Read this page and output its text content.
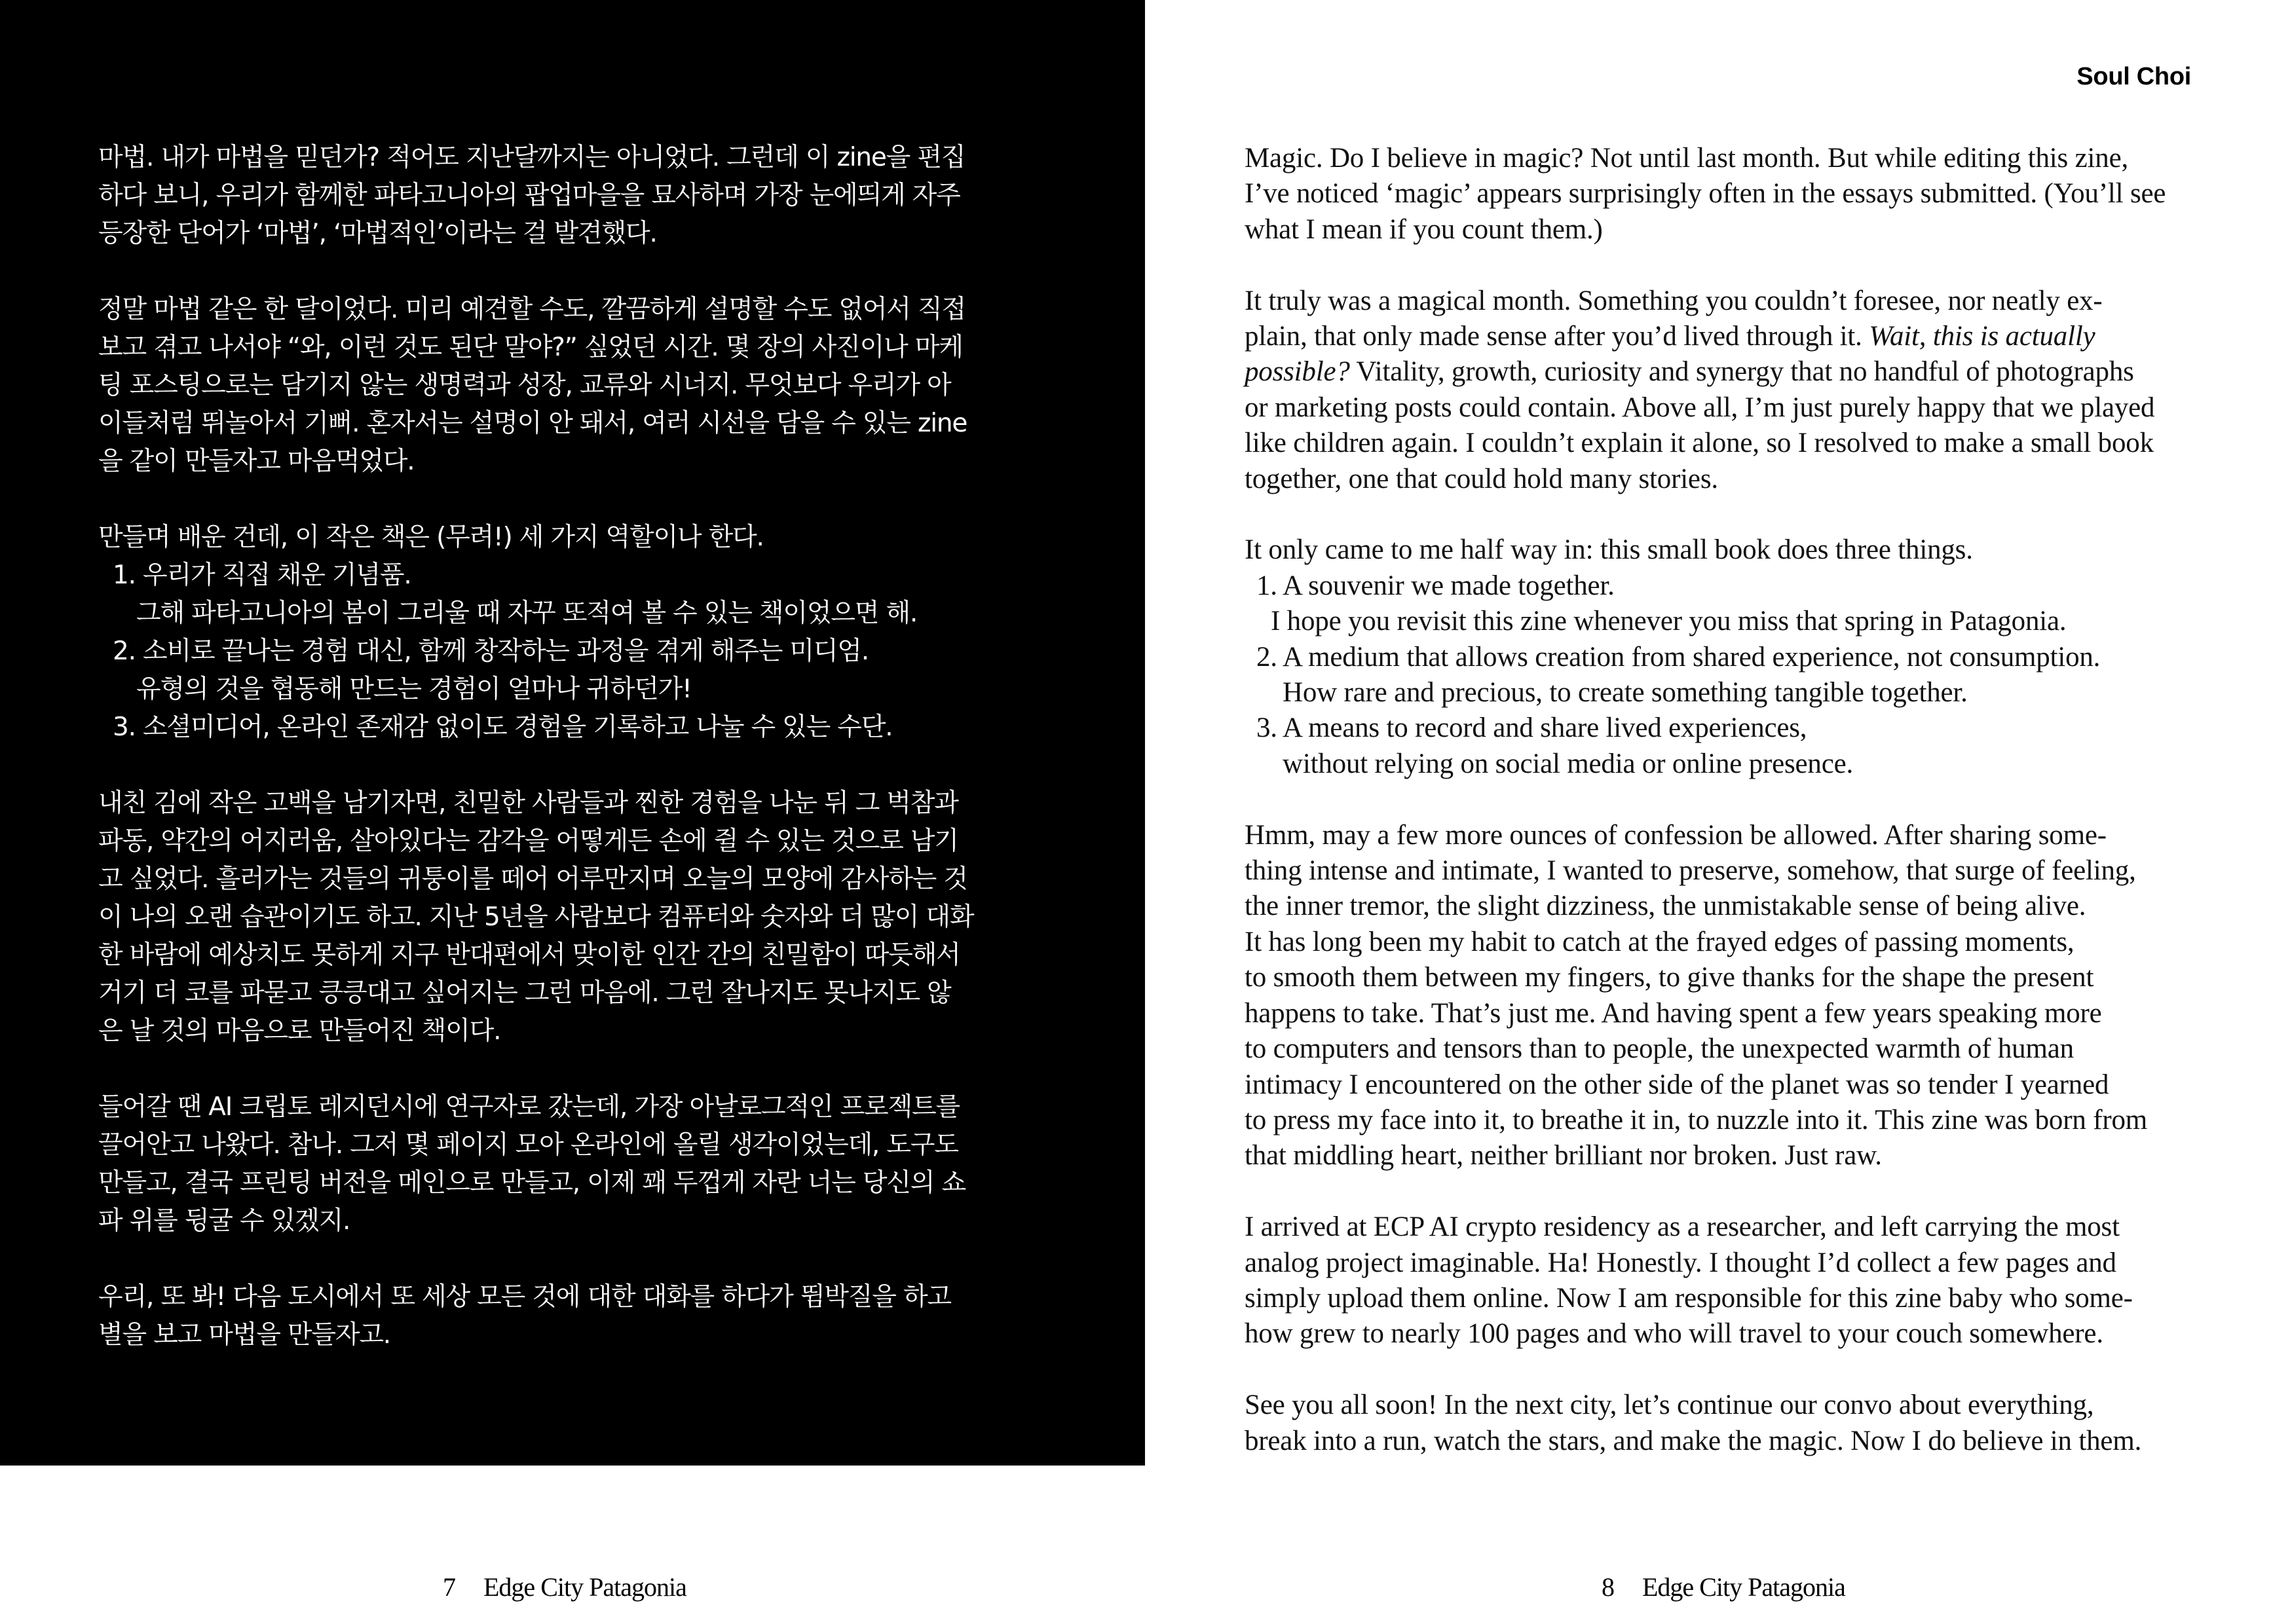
마법. 내가 마법을 믿던가? 적어도 지난달까지는 아니었다. 그런데 이 zine을 편집
하다 보니, 우리가 함께한 파타고니아의 팝업마을을 묘사하며 가장 눈에띄게 자주
등장한 단어가 ‘마법’, ‘마법적인’이라는 걸 발견했다.
정말 마법 같은 한 달이었다. 미리 예견할 수도, 깔끔하게 설명할 수도 없어서 직접
보고 겪고 나서야 “와, 이런 것도 된단 말야?” 싶었던 시간. 몇 장의 사진이나 마케
팅 포스팅으로는 담기지 않는 생명력과 성장, 교류와 시너지. 무엇보다 우리가 아
이들처럼 뛰놀아서 기뻐. 혼자서는 설명이 안 돼서, 여러 시선을 담을 수 있는 zine
을 같이 만들자고 마음먹었다.
만들며 배운 건데, 이 작은 책은 (무려!) 세 가지 역할이나 한다.
1. 우리가 직접 채운 기념품.
그해 파타고니아의 봄이 그리울 때 자꾸 또적여 볼 수 있는 책이었으면 해.
2. 소비로 끝나는 경험 대신, 함께 창작하는 과정을 겪게 해주는 미디엄.
유형의 것을 협동해 만드는 경험이 얼마나 귀하던가!
3. 소셜미디어, 온라인 존재감 없이도 경험을 기록하고 나눌 수 있는 수단.
내친 김에 작은 고백을 남기자면, 친밀한 사람들과 찐한 경험을 나눈 뒤 그 벅참과
파동, 약간의 어지러움, 살아있다는 감각을 어떻게든 손에 쥘 수 있는 것으로 남기
고 싶었다. 흘러가는 것들의 귀퉁이를 떼어 어루만지며 오늘의 모양에 감사하는 것
이 나의 오랜 습관이기도 하고. 지난 5년을 사람보다 컴퓨터와 숫자와 더 많이 대화
한 바람에 예상치도 못하게 지구 반대편에서 맞이한 인간 간의 친밀함이 따듯해서
거기 더 코를 파묻고 킁킁대고 싶어지는 그런 마음에. 그런 잘나지도 못나지도 않
은 날 것의 마음으로 만들어진 책이다.
들어갈 땐 AI 크립토 레지던시에 연구자로 갔는데, 가장 아날로그적인 프로젝트를
끌어안고 나왔다. 참나. 그저 몇 페이지 모아 온라인에 올릴 생각이었는데, 도구도
만들고, 결국 프린팅 버전을 메인으로 만들고, 이제 꽤 두껍게 자란 너는 당신의 쇼
파 위를 뒹굴 수 있겠지.
우리, 또 봐! 다음 도시에서 또 세상 모든 것에 대한 대화를 하다가 뜀박질을 하고
별을 보고 마법을 만들자고.
7 Edge City Patagonia
Soul Choi
Magic. Do I believe in magic? Not until last month. But while editing this zine,
I’ve noticed ‘magic’ appears surprisingly often in the essays submitted. (You’ll see
what I mean if you count them.)
It truly was a magical month. Something you couldn’t foresee, nor neatly ex-
plain, that only made sense after you’d lived through it. Wait, this is actually
possible? Vitality, growth, curiosity and synergy that no handful of photographs
or marketing posts could contain. Above all, I’m just purely happy that we played
like children again. I couldn’t explain it alone, so I resolved to make a small book
together, one that could hold many stories.
It only came to me half way in: this small book does three things.
1. A souvenir we made together.
I hope you revisit this zine whenever you miss that spring in Patagonia.
2. A medium that allows creation from shared experience, not consumption.
How rare and precious, to create something tangible together.
3. A means to record and share lived experiences,
without relying on social media or online presence.
Hmm, may a few more ounces of confession be allowed. After sharing some-
thing intense and intimate, I wanted to preserve, somehow, that surge of feeling,
the inner tremor, the slight dizziness, the unmistakable sense of being alive.
It has long been my habit to catch at the frayed edges of passing moments,
to smooth them between my fingers, to give thanks for the shape the present
happens to take. That’s just me. And having spent a few years speaking more
to computers and tensors than to people, the unexpected warmth of human
intimacy I encountered on the other side of the planet was so tender I yearned
to press my face into it, to breathe it in, to nuzzle into it. This zine was born from
that middling heart, neither brilliant nor broken. Just raw.
I arrived at ECP AI crypto residency as a researcher, and left carrying the most
analog project imaginable. Ha! Honestly. I thought I’d collect a few pages and
simply upload them online. Now I am responsible for this zine baby who some-
how grew to nearly 100 pages and who will travel to your couch somewhere.
See you all soon! In the next city, let’s continue our convo about everything,
break into a run, watch the stars, and make the magic. Now I do believe in them.
8 Edge City Patagonia
